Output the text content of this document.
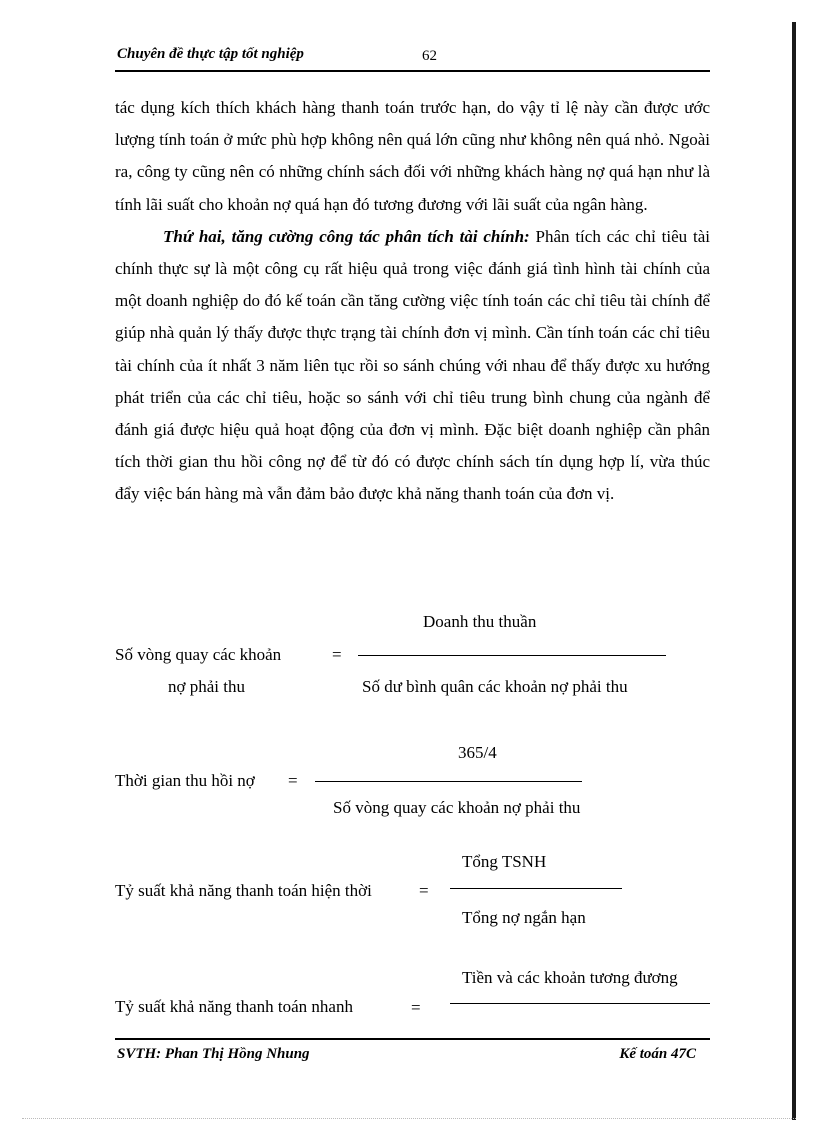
Chuyên đề thực tập tốt nghiệp	62

tác dụng kích thích khách hàng thanh toán trước hạn, do vậy tỉ lệ này cần được ước lượng tính toán ở mức phù hợp không nên quá lớn cũng như không nên quá nhỏ. Ngoài ra, công ty cũng nên có những chính sách đối với những khách hàng nợ quá hạn như là tính lãi suất cho khoản nợ quá hạn đó tương đương với lãi suất của ngân hàng.

Thứ hai, tăng cường công tác phân tích tài chính: Phân tích các chỉ tiêu tài chính thực sự là một công cụ rất hiệu quả trong việc đánh giá tình hình tài chính của một doanh nghiệp do đó kế toán cần tăng cường việc tính toán các chỉ tiêu tài chính để giúp nhà quản lý thấy được thực trạng tài chính đơn vị mình. Cần tính toán các chỉ tiêu tài chính của ít nhất 3 năm liên tục rồi so sánh chúng với nhau để thấy được xu hướng phát triển của các chỉ tiêu, hoặc so sánh với chỉ tiêu trung bình chung của ngành để đánh giá được hiệu quả hoạt động của đơn vị mình. Đặc biệt doanh nghiệp cần phân tích thời gian thu hồi công nợ để từ đó có được chính sách tín dụng hợp lí, vừa thúc đẩy việc bán hàng mà vẫn đảm bảo được khả năng thanh toán của đơn vị.

Doanh thu thuần
Số vòng quay các khoản	=
nợ phải thu	Số dư bình quân các khoản nợ phải thu
365/4
Thời gian thu hồi nợ =
Số vòng quay các khoản nợ phải thu
Tổng TSNH
Tỷ suất khả năng thanh toán hiện thời	=
Tổng nợ ngắn hạn
Tiền và các khoản tương đương
Tỷ suất khả năng thanh toán nhanh	=
SVTH: Phan Thị Hồng Nhung	Kế toán 47C
